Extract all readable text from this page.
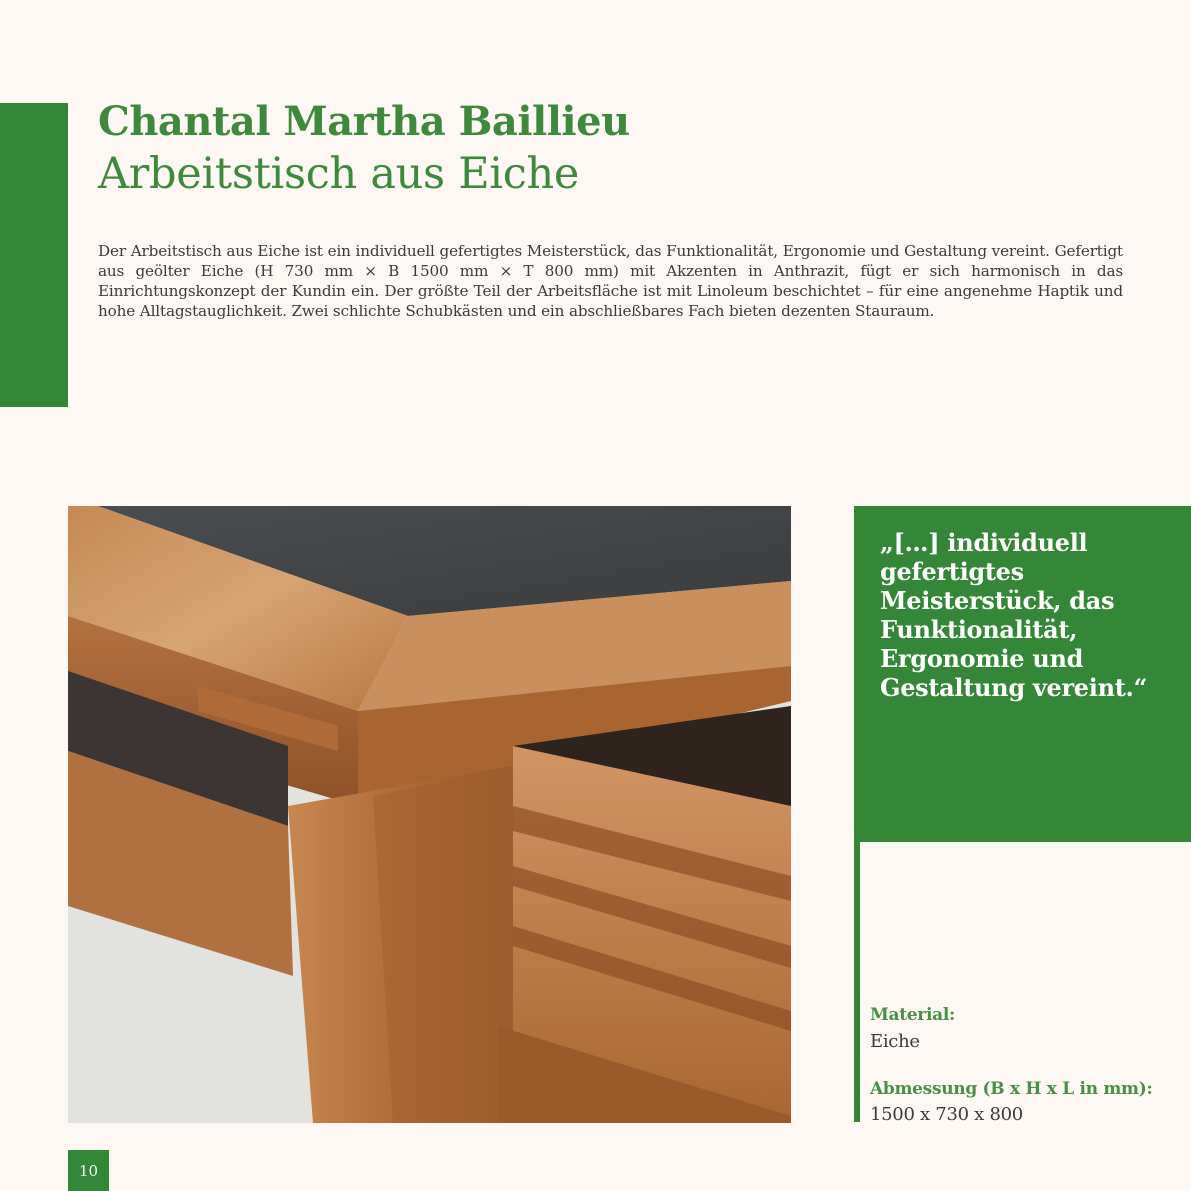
Chantal Martha Baillieu
Arbeitstisch aus Eiche

Der Arbeitstisch aus Eiche ist ein individuell gefertigtes Meisterstück, das Funktionalität, Ergonomie und Gestaltung vereint. Gefertigt aus geölter Eiche (H 730 mm × B 1500 mm × T 800 mm) mit Akzenten in Anthrazit, fügt er sich harmonisch in das Einrichtungskonzept der Kundin ein. Der größte Teil der Arbeitsfläche ist mit Linoleum beschichtet – für eine angenehme Haptik und hohe Alltagstauglichkeit. Zwei schlichte Schubkästen und ein abschließbares Fach bieten dezenten Stauraum.

„[…] individuell gefertigtes Meisterstück, das Funktionalität, Ergonomie und Gestaltung vereint.“

Material:

Eiche

Abmessung (B x H x L in mm):

1500 x 730 x 800

10
